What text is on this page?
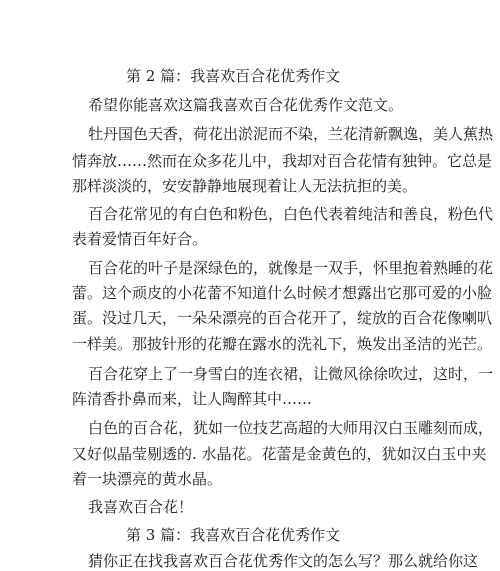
第 2 篇：我喜欢百合花优秀作文
希望你能喜欢这篇我喜欢百合花优秀作文范文。
牡丹国色天香，荷花出淤泥而不染，兰花清新飘逸，美人蕉热
情奔放……然而在众多花儿中，我却对百合花情有独钟。它总是
那样淡淡的，安安静静地展现着让人无法抗拒的美。
百合花常见的有白色和粉色，白色代表着纯洁和善良，粉色代
表着爱情百年好合。
百合花的叶子是深绿色的，就像是一双手，怀里抱着熟睡的花
蕾。这个顽皮的小花蕾不知道什么时候才想露出它那可爱的小脸
蛋。没过几天，一朵朵漂亮的百合花开了，绽放的百合花像喇叭
一样美。那披针形的花瓣在露水的洗礼下，焕发出圣洁的光芒。
百合花穿上了一身雪白的连衣裙，让微风徐徐吹过，这时，一
阵清香扑鼻而来，让人陶醉其中……
白色的百合花，犹如一位技艺高超的大师用汉白玉雕刻而成，
又好似晶莹剔透的. 水晶花。花蕾是金黄色的，犹如汉白玉中夹
着一块漂亮的黄水晶。
我喜欢百合花！
第 3 篇：我喜欢百合花优秀作文
猜你正在找我喜欢百合花优秀作文的怎么写？那么就给你这
